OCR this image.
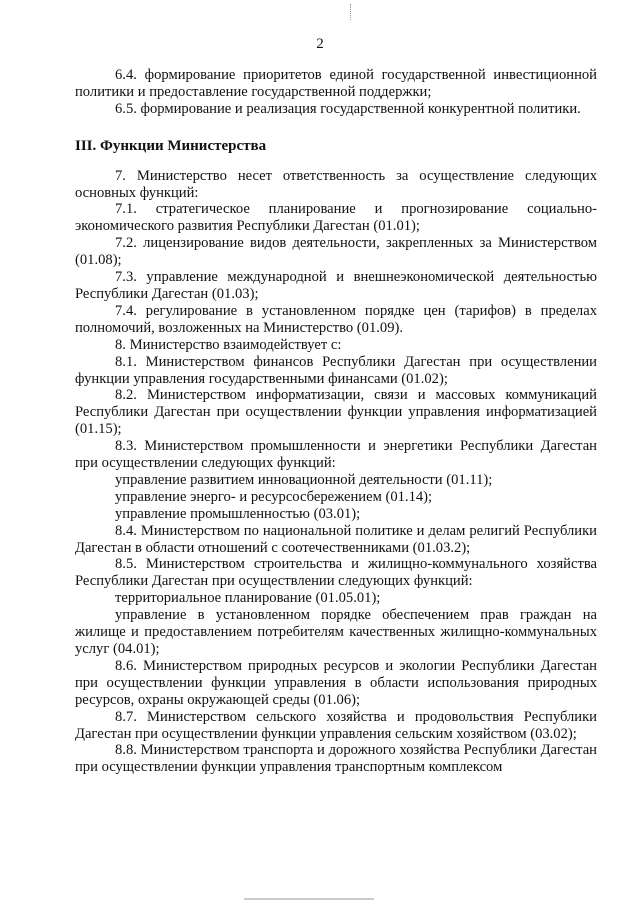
2

6.4. формирование приоритетов единой государственной инвестиционной политики и предоставление государственной поддержки;

6.5. формирование и реализация государственной конкурентной политики.

III. Функции Министерства

7. Министерство несет ответственность за осуществление следующих основных функций:

7.1. стратегическое планирование и прогнозирование социально-экономического развития Республики Дагестан (01.01);

7.2. лицензирование видов деятельности, закрепленных за Министерством (01.08);

7.3. управление международной и внешнеэкономической деятельностью Республики Дагестан (01.03);

7.4. регулирование в установленном порядке цен (тарифов) в пределах полномочий, возложенных на Министерство (01.09).

8. Министерство взаимодействует с:

8.1. Министерством финансов Республики Дагестан при осуществлении функции управления государственными финансами (01.02);

8.2. Министерством информатизации, связи и массовых коммуникаций Республики Дагестан при осуществлении функции управления информатизацией (01.15);

8.3. Министерством промышленности и энергетики Республики Дагестан при осуществлении следующих функций:

управление развитием инновационной деятельности (01.11);

управление энерго- и ресурсосбережением (01.14);

управление промышленностью (03.01);

8.4. Министерством по национальной политике и делам религий Республики Дагестан в области отношений с соотечественниками (01.03.2);

8.5. Министерством строительства и жилищно-коммунального хозяйства Республики Дагестан при осуществлении следующих функций:

территориальное планирование (01.05.01);

управление в установленном порядке обеспечением прав граждан на жилище и предоставлением потребителям качественных жилищно-коммунальных услуг (04.01);

8.6. Министерством природных ресурсов и экологии Республики Дагестан при осуществлении функции управления в области использования природных ресурсов, охраны окружающей среды (01.06);

8.7. Министерством сельского хозяйства и продовольствия Республики Дагестан при осуществлении функции управления сельским хозяйством (03.02);

8.8. Министерством транспорта и дорожного хозяйства Республики Дагестан при осуществлении функции управления транспортным комплексом
